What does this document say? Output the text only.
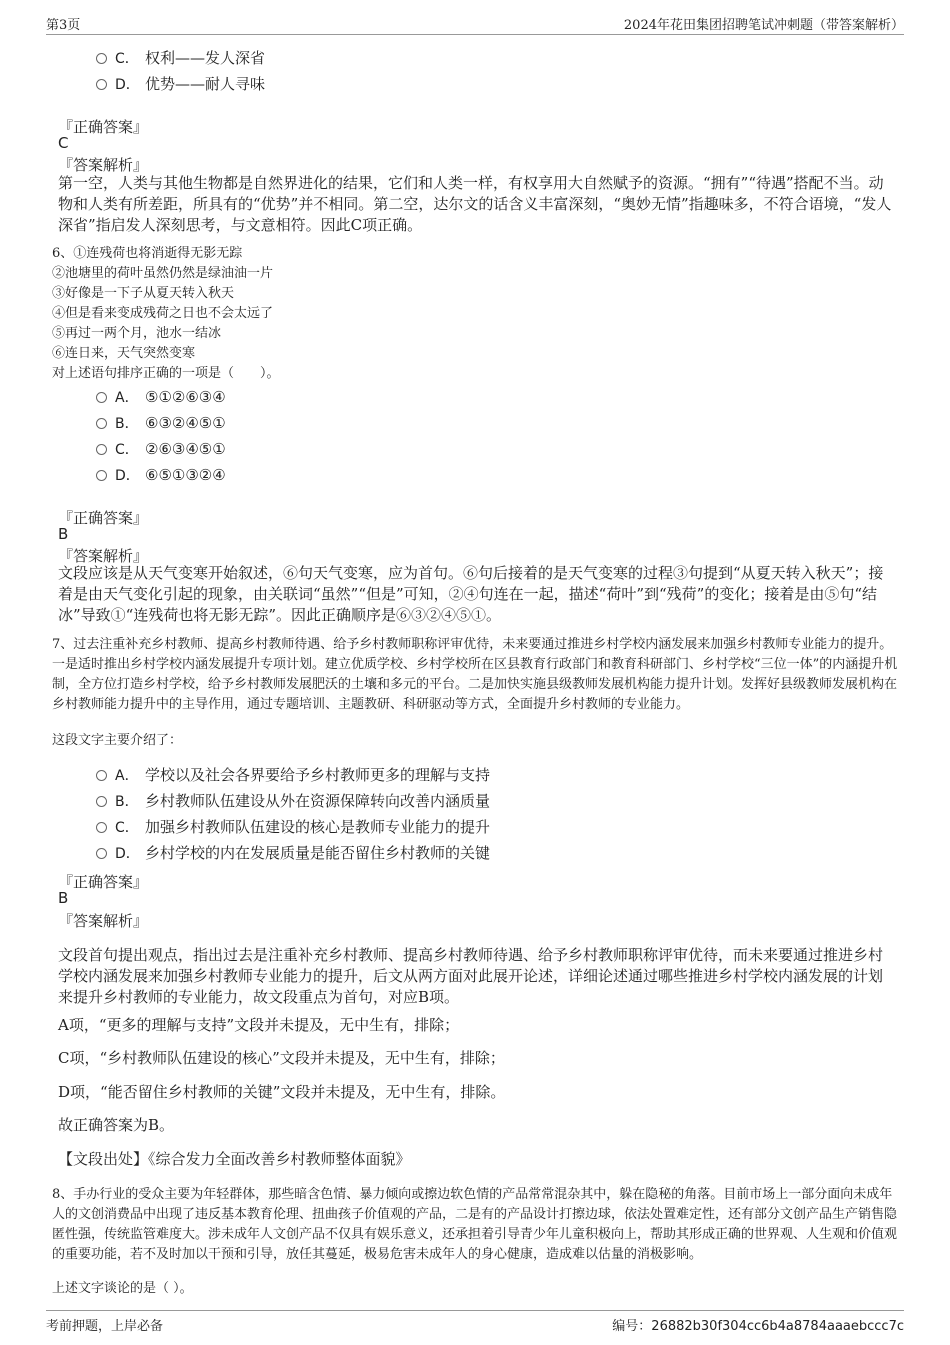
第3页	2024年花田集团招聘笔试冲刺题（带答案解析）
C． 权利——发人深省
D． 优势——耐人寻味
『正确答案』
C
『答案解析』
第一空，人类与其他生物都是自然界进化的结果，它们和人类一样，有权享用大自然赋予的资源。“拥有”“待遇”搭配不当。动物和人类有所差距，所具有的“优势”并不相同。第二空，达尔文的话含义丰富深刻，“奥妙无情”指趣味多，不符合语境，“发人深省”指启发人深刻思考，与文意相符。因此C项正确。
6、①连残荷也将消逝得无影无踪
②池塘里的荷叶虽然仍然是绿油油一片
③好像是一下子从夏天转入秋天
④但是看来变成残荷之日也不会太远了
⑤再过一两个月，池水一结冰
⑥连日来，天气突然变寒
对上述语句排序正确的一项是（　　）。
A． ⑤①②⑥③④
B． ⑥③②④⑤①
C． ②⑥③④⑤①
D． ⑥⑤①③②④
『正确答案』
B
『答案解析』
文段应该是从天气变寒开始叙述，⑥句天气变寒，应为首句。⑥句后接着的是天气变寒的过程③句提到“从夏天转入秋天”；接着是由天气变化引起的现象，由关联词“虽然”“但是”可知，②④句连在一起，描述“荷叶”到“残荷”的变化；接着是由⑤句“结冰”导致①“连残荷也将无影无踪”。因此正确顺序是⑥③②④⑤①。
7、过去注重补充乡村教师、提高乡村教师待遇、给予乡村教师职称评审优待，未来要通过推进乡村学校内涵发展来加强乡村教师专业能力的提升。一是适时推出乡村学校内涵发展提升专项计划。建立优质学校、乡村学校所在区县教育行政部门和教育科研部门、乡村学校“三位一体”的内涵提升机制，全方位打造乡村学校，给予乡村教师发展肥沃的土壤和多元的平台。二是加快实施县级教师发展机构能力提升计划。发挥好县级教师发展机构在乡村教师能力提升中的主导作用，通过专题培训、主题教研、科研驱动等方式，全面提升乡村教师的专业能力。
这段文字主要介绍了：
A． 学校以及社会各界要给予乡村教师更多的理解与支持
B． 乡村教师队伍建设从外在资源保障转向改善内涵质量
C． 加强乡村教师队伍建设的核心是教师专业能力的提升
D． 乡村学校的内在发展质量是能否留住乡村教师的关键
『正确答案』
B
『答案解析』
文段首句提出观点，指出过去是注重补充乡村教师、提高乡村教师待遇、给予乡村教师职称评审优待，而未来要通过推进乡村学校内涵发展来加强乡村教师专业能力的提升，后文从两方面对此展开论述，详细论述通过哪些推进乡村学校内涵发展的计划来提升乡村教师的专业能力，故文段重点为首句，对应B项。
A项，“更多的理解与支持”文段并未提及，无中生有，排除；
C项，“乡村教师队伍建设的核心”文段并未提及，无中生有，排除；
D项，“能否留住乡村教师的关键”文段并未提及，无中生有，排除。
故正确答案为B。
【文段出处】《综合发力全面改善乡村教师整体面貌》
8、手办行业的受众主要为年轻群体，那些暗含色情、暴力倾向或擦边软色情的产品常常混杂其中，躲在隐秘的角落。目前市场上一部分面向未成年人的文创消费品中出现了违反基本教育伦理、扭曲孩子价值观的产品，二是有的产品设计打擦边球，依法处置难定性，还有部分文创产品生产销售隐匿性强，传统监管难度大。涉未成年人文创产品不仅具有娱乐意义，还承担着引导青少年儿童积极向上，帮助其形成正确的世界观、人生观和价值观的重要功能，若不及时加以干预和引导，放任其蔓延，极易危害未成年人的身心健康，造成难以估量的消极影响。
上述文字谈论的是（ ）。
考前押题，上岸必备	编号：26882b30f304cc6b4a8784aaaebccc7c
